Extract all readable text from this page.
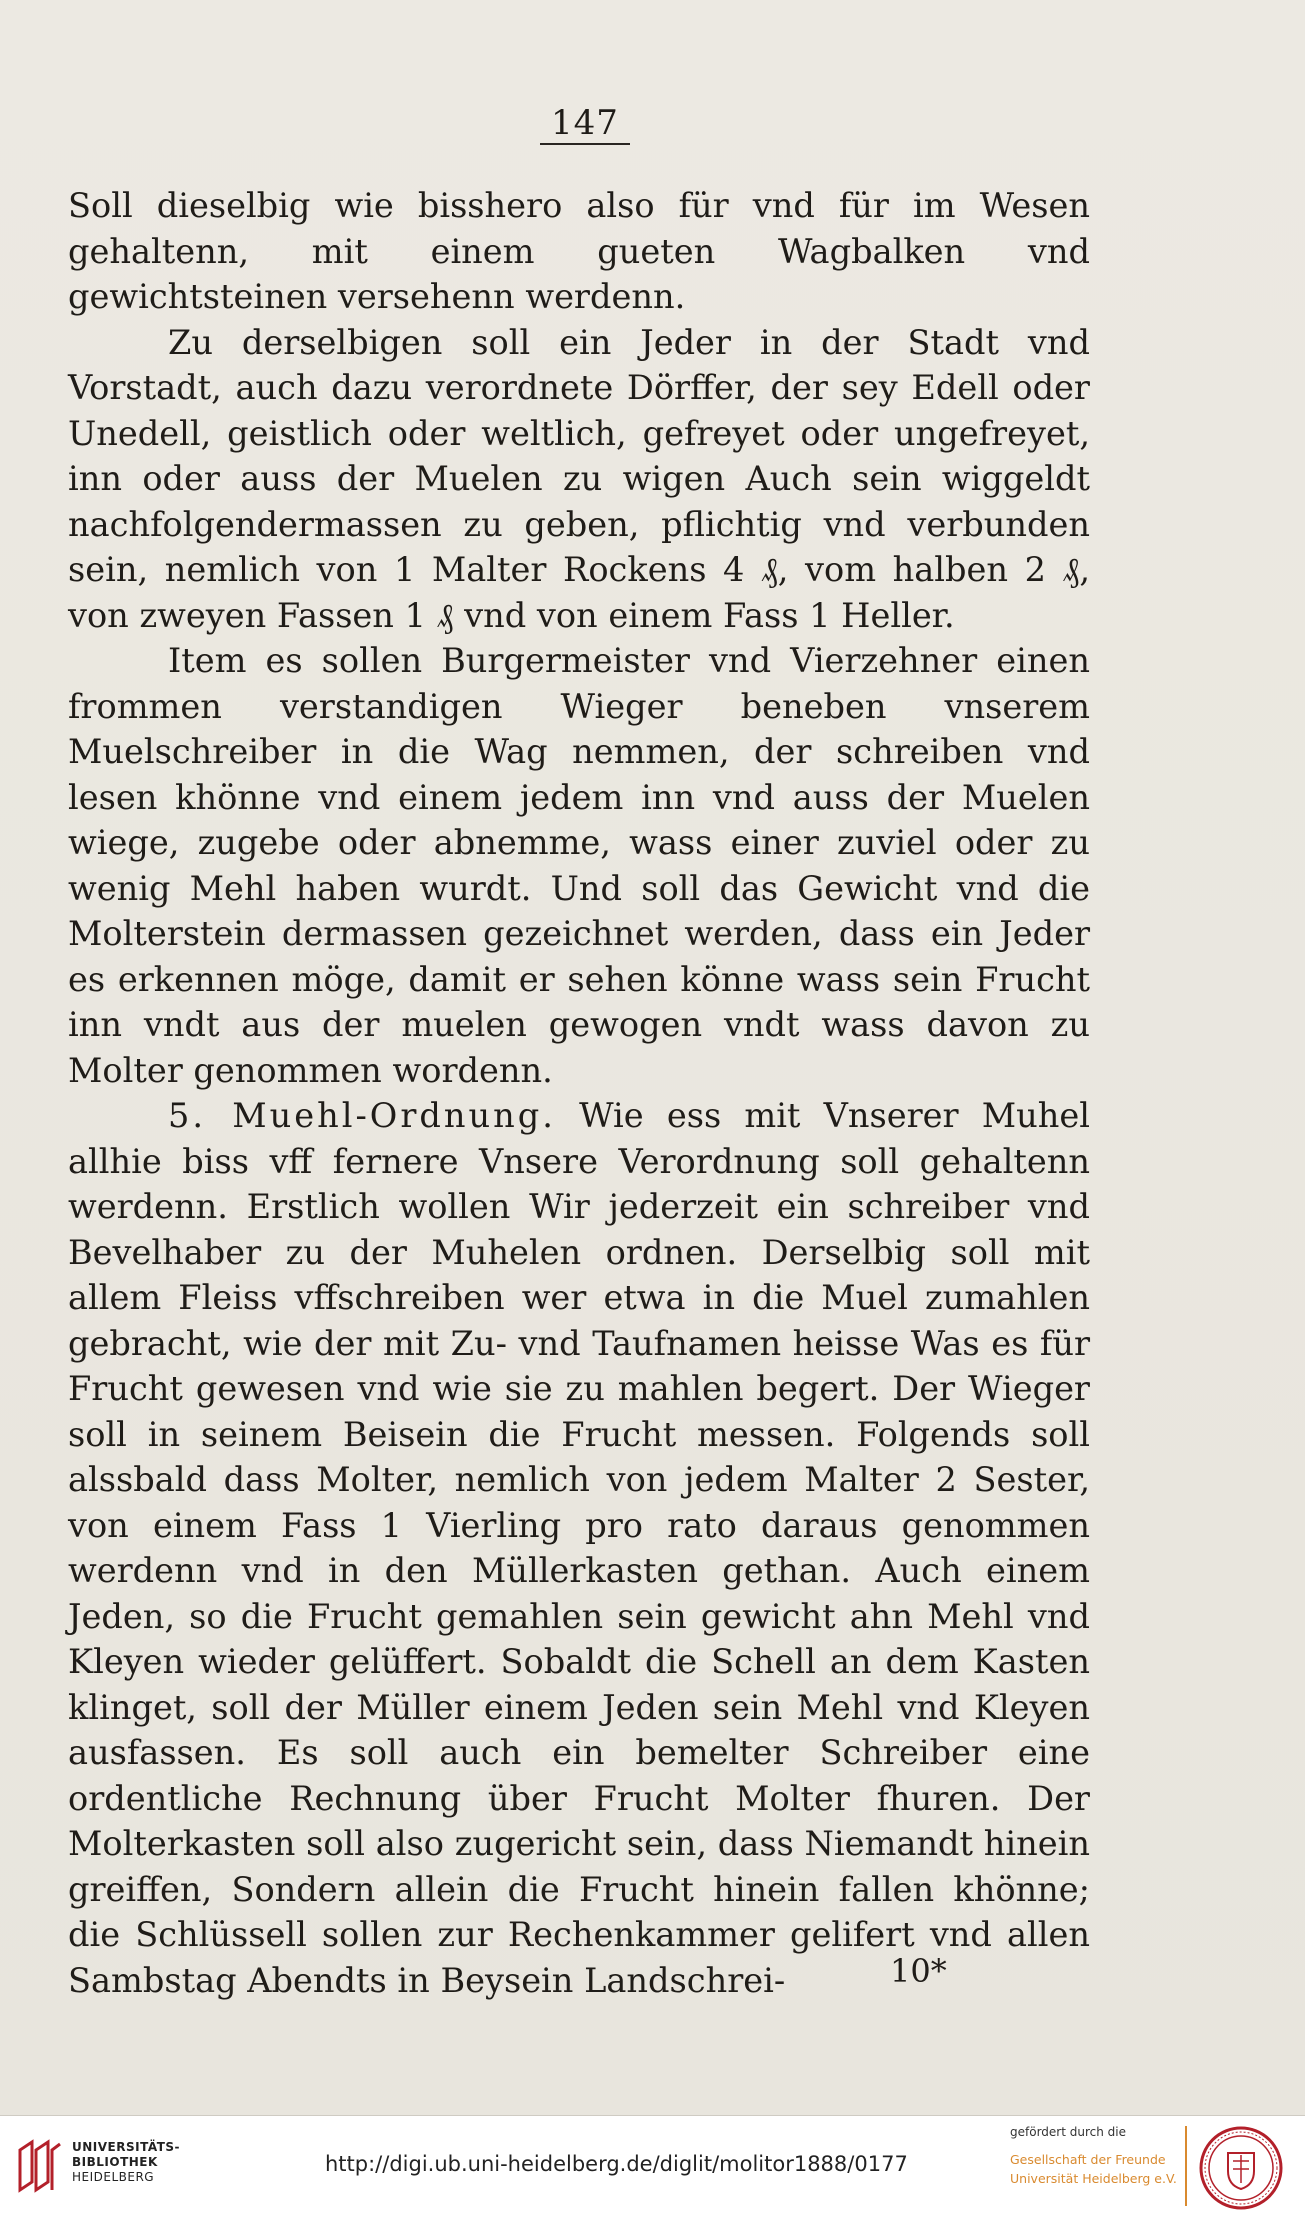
147

Soll dieselbig wie bisshero also für vnd für im Wesen gehaltenn, mit einem gueten Wagbalken vnd gewichtsteinen versehenn werdenn.

Zu derselbigen soll ein Jeder in der Stadt vnd Vorstadt, auch dazu verordnete Dörffer, der sey Edell oder Unedell, geistlich oder weltlich, gefreyet oder ungefreyet, inn oder auss der Muelen zu wigen Auch sein wiggeldt nachfolgendermassen zu geben, pflichtig vnd verbunden sein, nemlich von 1 Malter Rockens 4 ₰, vom halben 2 ₰, von zweyen Fassen 1 ₰ vnd von einem Fass 1 Heller.

Item es sollen Burgermeister vnd Vierzehner einen frommen verstandigen Wieger beneben vnserem Muelschreiber in die Wag nemmen, der schreiben vnd lesen khönne vnd einem jedem inn vnd auss der Muelen wiege, zugebe oder abnemme, wass einer zuviel oder zu wenig Mehl haben wurdt. Und soll das Gewicht vnd die Molterstein dermassen gezeichnet werden, dass ein Jeder es erkennen möge, damit er sehen könne wass sein Frucht inn vndt aus der muelen gewogen vndt wass davon zu Molter genommen wordenn.

5. Muehl-Ordnung. Wie ess mit Vnserer Muhel allhie biss vff fernere Vnsere Verordnung soll gehaltenn werdenn. Erstlich wollen Wir jederzeit ein schreiber vnd Bevelhaber zu der Muhelen ordnen. Derselbig soll mit allem Fleiss vffschreiben wer etwa in die Muel zumahlen gebracht, wie der mit Zu- vnd Taufnamen heisse Was es für Frucht gewesen vnd wie sie zu mahlen begert. Der Wieger soll in seinem Beisein die Frucht messen. Folgends soll alssbald dass Molter, nemlich von jedem Malter 2 Sester, von einem Fass 1 Vierling pro rato daraus genommen werdenn vnd in den Müllerkasten gethan. Auch einem Jeden, so die Frucht gemahlen sein gewicht ahn Mehl vnd Kleyen wieder gelüffert. Sobaldt die Schell an dem Kasten klinget, soll der Müller einem Jeden sein Mehl vnd Kleyen ausfassen. Es soll auch ein bemelter Schreiber eine ordentliche Rechnung über Frucht Molter fhuren. Der Molterkasten soll also zugericht sein, dass Niemandt hinein greiffen, Sondern allein die Frucht hinein fallen khönne; die Schlüssell sollen zur Rechenkammer gelifert vnd allen Sambstag Abendts in Beysein Landschrei-	10*
UNIVERSITÄTS-
BIBLIOTHEK
HEIDELBERG
http://digi.ub.uni-heidelberg.de/diglit/molitor1888/0177
gefördert durch die
Gesellschaft der Freunde
Universität Heidelberg e.V.
